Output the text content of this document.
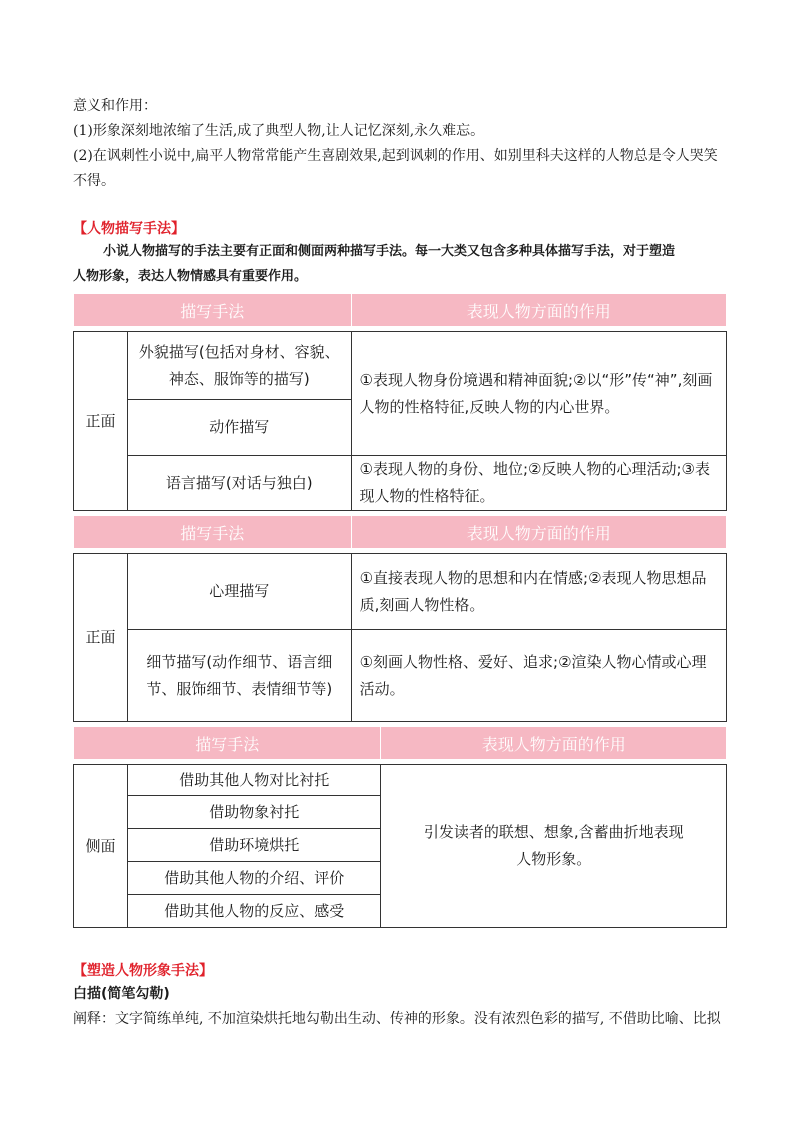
意义和作用：
(1)形象深刻地浓缩了生活,成了典型人物,让人记忆深刻,永久难忘。
(2)在讽刺性小说中,扁平人物常常能产生喜剧效果,起到讽刺的作用、如别里科夫这样的人物总是令人哭笑
不得。
【人物描写手法】
小说人物描写的手法主要有正面和侧面两种描写手法。每一大类又包含多种具体描写手法，对于塑造
人物形象，表达人物情感具有重要作用。
描写手法		表现人物方面的作用

正面	外貌描写(包括对身材、容貌、神态、服饰等的描写)	①表现人物身份境遇和精神面貌;②以“形”传“神”,刻画人物的性格特征,反映人物的内心世界。
	动作描写	
	语言描写(对话与独白)	①表现人物的身份、地位;②反映人物的心理活动;③表现人物的性格特征。
描写手法		表现人物方面的作用

正面	心理描写	①直接表现人物的思想和内在情感;②表现人物思想品质,刻画人物性格。
	细节描写(动作细节、语言细节、服饰细节、表情细节等)	①刻画人物性格、爱好、追求;②渲染人物心情或心理活动。
描写手法		表现人物方面的作用

侧面	借助其他人物对比衬托	引发读者的联想、想象,含蓄曲折地表现人物形象。
	借助物象衬托	
	借助环境烘托	
	借助其他人物的介绍、评价	
	借助其他人物的反应、感受	
【塑造人物形象手法】
白描(简笔勾勒)
阐释：文字简练单纯, 不加渲染烘托地勾勒出生动、传神的形象。没有浓烈色彩的描写, 不借助比喻、比拟
